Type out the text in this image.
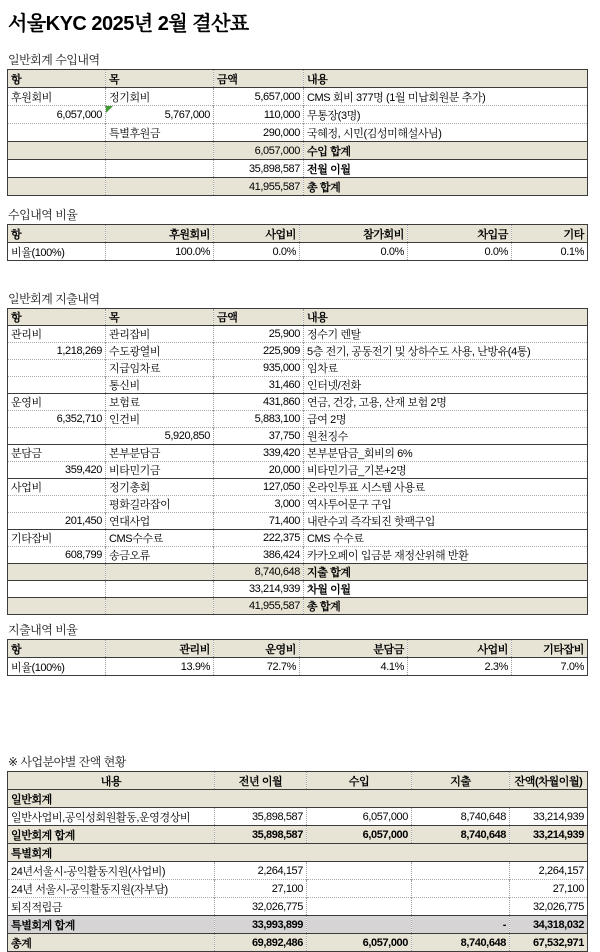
서울KYC 2025년 2월 결산표
일반회계 수입내역
항	목	금액	내용
후원회비	정기회비	5,657,000	CMS 회비 377명 (1월 미납회원분 추가)
6,057,000	5,767,000	110,000	무통장(3명)
	특별후원금	290,000	국혜정, 시민(김성미해설사님)
		6,057,000	수입 합계
		35,898,587	전월 이월
		41,955,587	총 합계
수입내역 비율
항	후원회비	사업비	참가회비	차입금	기타
비율(100%)	100.0%	0.0%	0.0%	0.0%	0.1%
일반회계 지출내역
항	목	금액	내용
관리비	관리잡비	25,900	정수기 렌탈
1,218,269	수도광열비	225,909	5층 전기, 공동전기 및 상하수도 사용, 난방유(4통)
	지급임차료	935,000	임차료
	통신비	31,460	인터넷/전화
운영비	보험료	431,860	연금, 건강, 고용, 산재 보험 2명
6,352,710	인건비	5,883,100	급여 2명
	5,920,850	37,750	원천징수
분담금	본부분담금	339,420	본부분담금_회비의 6%
359,420	비타민기금	20,000	비타민기금_기본+2명
사업비	정기총회	127,050	온라인투표 시스템 사용료
	평화길라잡이	3,000	역사투어문구 구입
201,450	연대사업	71,400	내란수괴 즉각퇴진 핫팩구입
기타잡비	CMS수수료	222,375	CMS 수수료
608,799	송금오류	386,424	카카오페이 입금분 재정산위해 반환
		8,740,648	지출 합계
		33,214,939	차월 이월
		41,955,587	총 합계
지출내역 비율
항	관리비	운영비	분담금	사업비	기타잡비
비율(100%)	13.9%	72.7%	4.1%	2.3%	7.0%
※ 사업분야별 잔액 현황
내용	전년 이월	수입	지출	잔액(차월이월)
일반회계				
일반사업비,공익성회원활동,운영경상비	35,898,587	6,057,000	8,740,648	33,214,939
일반회계 합계	35,898,587	6,057,000	8,740,648	33,214,939
특별회계				
24년서울시-공익활동지원(사업비)	2,264,157			2,264,157
24년 서울시-공익활동지원(자부담)	27,100			27,100
퇴직적립금	32,026,775			32,026,775
특별회계 합계	33,993,899		-	34,318,032
총계	69,892,486	6,057,000	8,740,648	67,532,971
